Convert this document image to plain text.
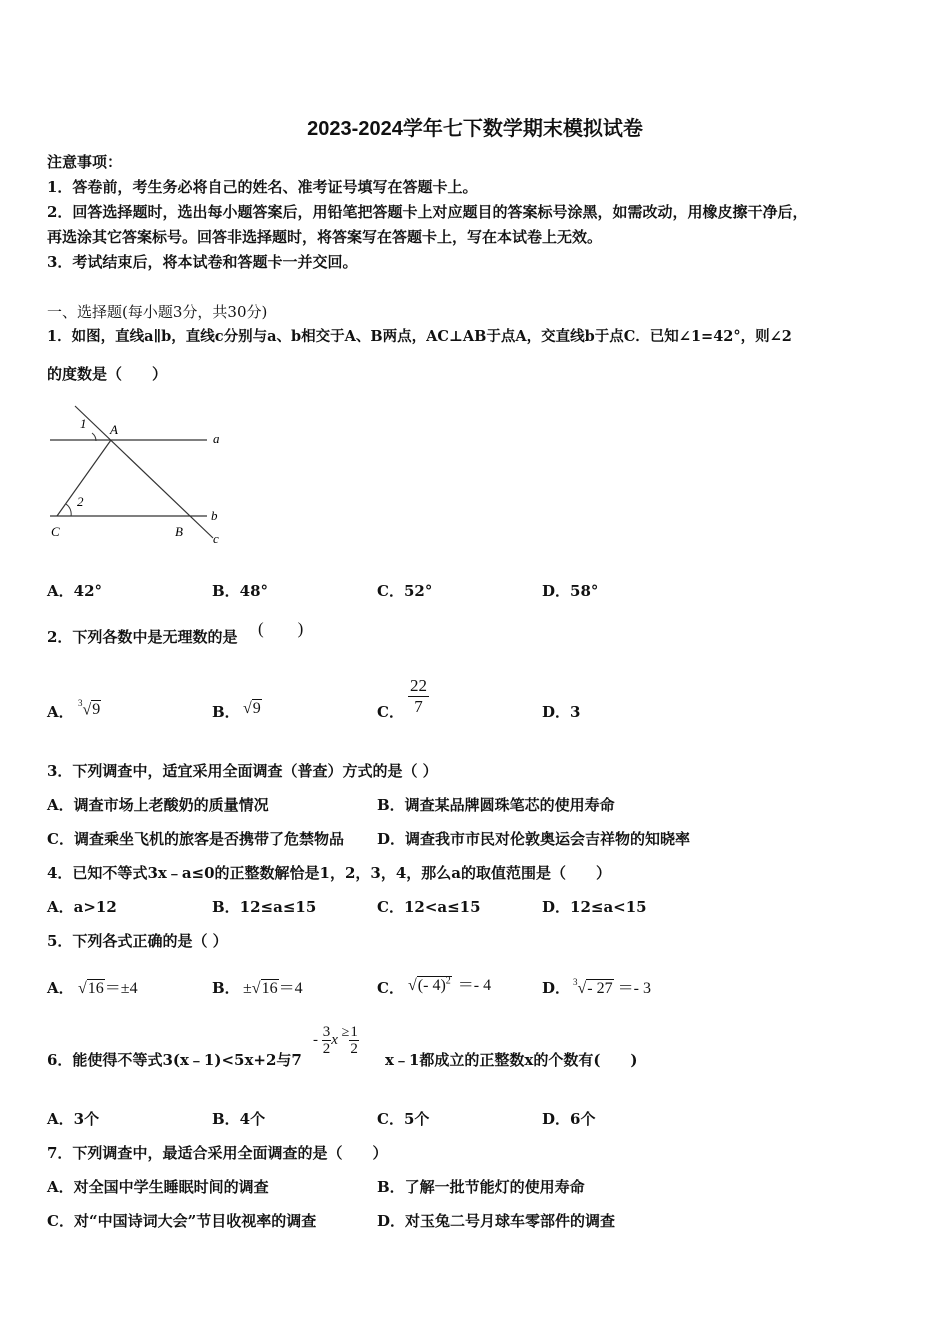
2023-2024学年七下数学期末模拟试卷
注意事项：
1．答卷前，考生务必将自己的姓名、准考证号填写在答题卡上。
2．回答选择题时，选出每小题答案后，用铅笔把答题卡上对应题目的答案标号涂黑，如需改动，用橡皮擦干净后，
再选涂其它答案标号。回答非选择题时，将答案写在答题卡上，写在本试卷上无效。
3．考试结束后，将本试卷和答题卡一并交回。
一、选择题(每小题3分，共30分)
1．如图，直线a∥b，直线c分别与a、b相交于A、B两点，AC⊥AB于点A，交直线b于点C．已知∠1=42°，则∠2
的度数是（　　）
1 A
a
2
b
C	B c
A．42°	B．48°	C．52°	D．58°
2．下列各数中是无理数的是 (　　)
A． $^3$√9	B． √9	C． $\frac{22}{7}$	D．3
3．下列调查中，适宜采用全面调查（普查）方式的是（ ）
A．调查市场上老酸奶的质量情况	B．调查某品牌圆珠笔芯的使用寿命
C．调查乘坐飞机的旅客是否携带了危禁物品 D．调查我市市民对伦敦奥运会吉祥物的知晓率
4．已知不等式3x﹣a≤0的正整数解恰是1，2，3，4，那么a的取值范围是（　　）
A．a>12	B．12≤a≤15	C．12<a≤15	D．12≤a<15
5．下列各式正确的是（ ）
A． √16＝±4	B． ±√16＝4	C． √(- 4)$^2$ ＝- 4	D． $^3$√- 27 ＝- 3
6．能使得不等式3(x﹣1)<5x+2与7
- $\frac{3}{2}$ $x \ge \frac{1}{2}$
x﹣1都成立的正整数x的个数有(　　)
A．3个	B．4个	C．5个	D．6个
7．下列调查中，最适合采用全面调查的是（　　）
A．对全国中学生睡眠时间的调查	B．了解一批节能灯的使用寿命
C．对“中国诗词大会”节目收视率的调查	D．对玉兔二号月球车零部件的调查
